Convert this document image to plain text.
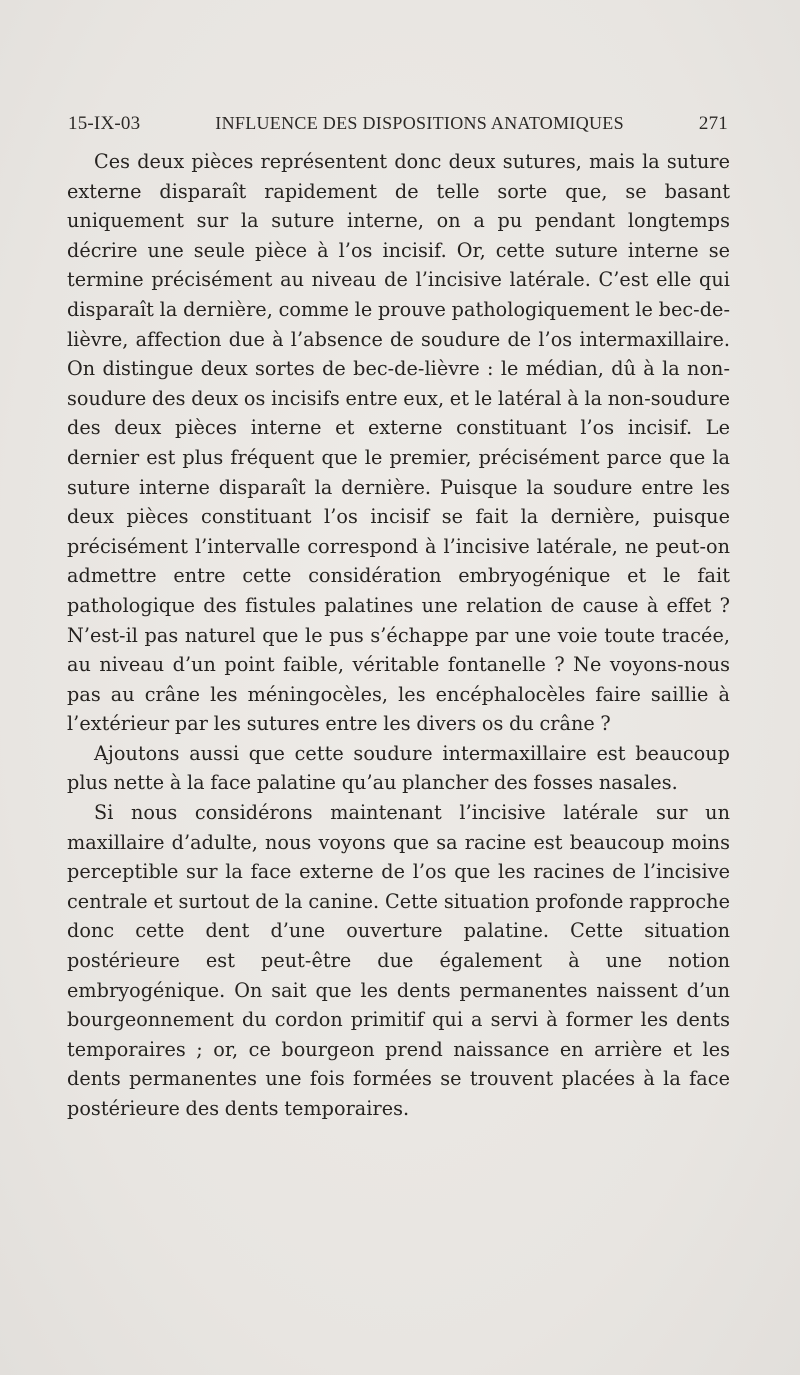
15-IX-03	INFLUENCE DES DISPOSITIONS ANATOMIQUES	271

Ces deux pièces représentent donc deux sutures, mais la suture externe disparaît rapidement de telle sorte que, se basant uniquement sur la suture interne, on a pu pendant longtemps décrire une seule pièce à l’os incisif. Or, cette suture interne se termine précisément au niveau de l’incisive latérale. C’est elle qui disparaît la dernière, comme le prouve pathologiquement le bec-de-lièvre, affection due à l’absence de soudure de l’os intermaxillaire. On distingue deux sortes de bec-de-lièvre : le médian, dû à la non-soudure des deux os incisifs entre eux, et le latéral à la non-soudure des deux pièces interne et externe constituant l’os incisif. Le dernier est plus fréquent que le premier, précisément parce que la suture interne disparaît la dernière. Puisque la soudure entre les deux pièces constituant l’os incisif se fait la dernière, puisque précisément l’intervalle correspond à l’incisive latérale, ne peut-on admettre entre cette considération embryogénique et le fait pathologique des fistules palatines une relation de cause à effet ? N’est-il pas naturel que le pus s’échappe par une voie toute tracée, au niveau d’un point faible, véritable fontanelle ? Ne voyons-nous pas au crâne les méningocèles, les encéphalocèles faire saillie à l’extérieur par les sutures entre les divers os du crâne ?

Ajoutons aussi que cette soudure intermaxillaire est beaucoup plus nette à la face palatine qu’au plancher des fosses nasales.

Si nous considérons maintenant l’incisive latérale sur un maxillaire d’adulte, nous voyons que sa racine est beaucoup moins perceptible sur la face externe de l’os que les racines de l’incisive centrale et surtout de la canine. Cette situation profonde rapproche donc cette dent d’une ouverture palatine. Cette situation postérieure est peut-être due également à une notion embryogénique. On sait que les dents permanentes naissent d’un bourgeonnement du cordon primitif qui a servi à former les dents temporaires ; or, ce bourgeon prend naissance en arrière et les dents permanentes une fois formées se trouvent placées à la face postérieure des dents temporaires.
